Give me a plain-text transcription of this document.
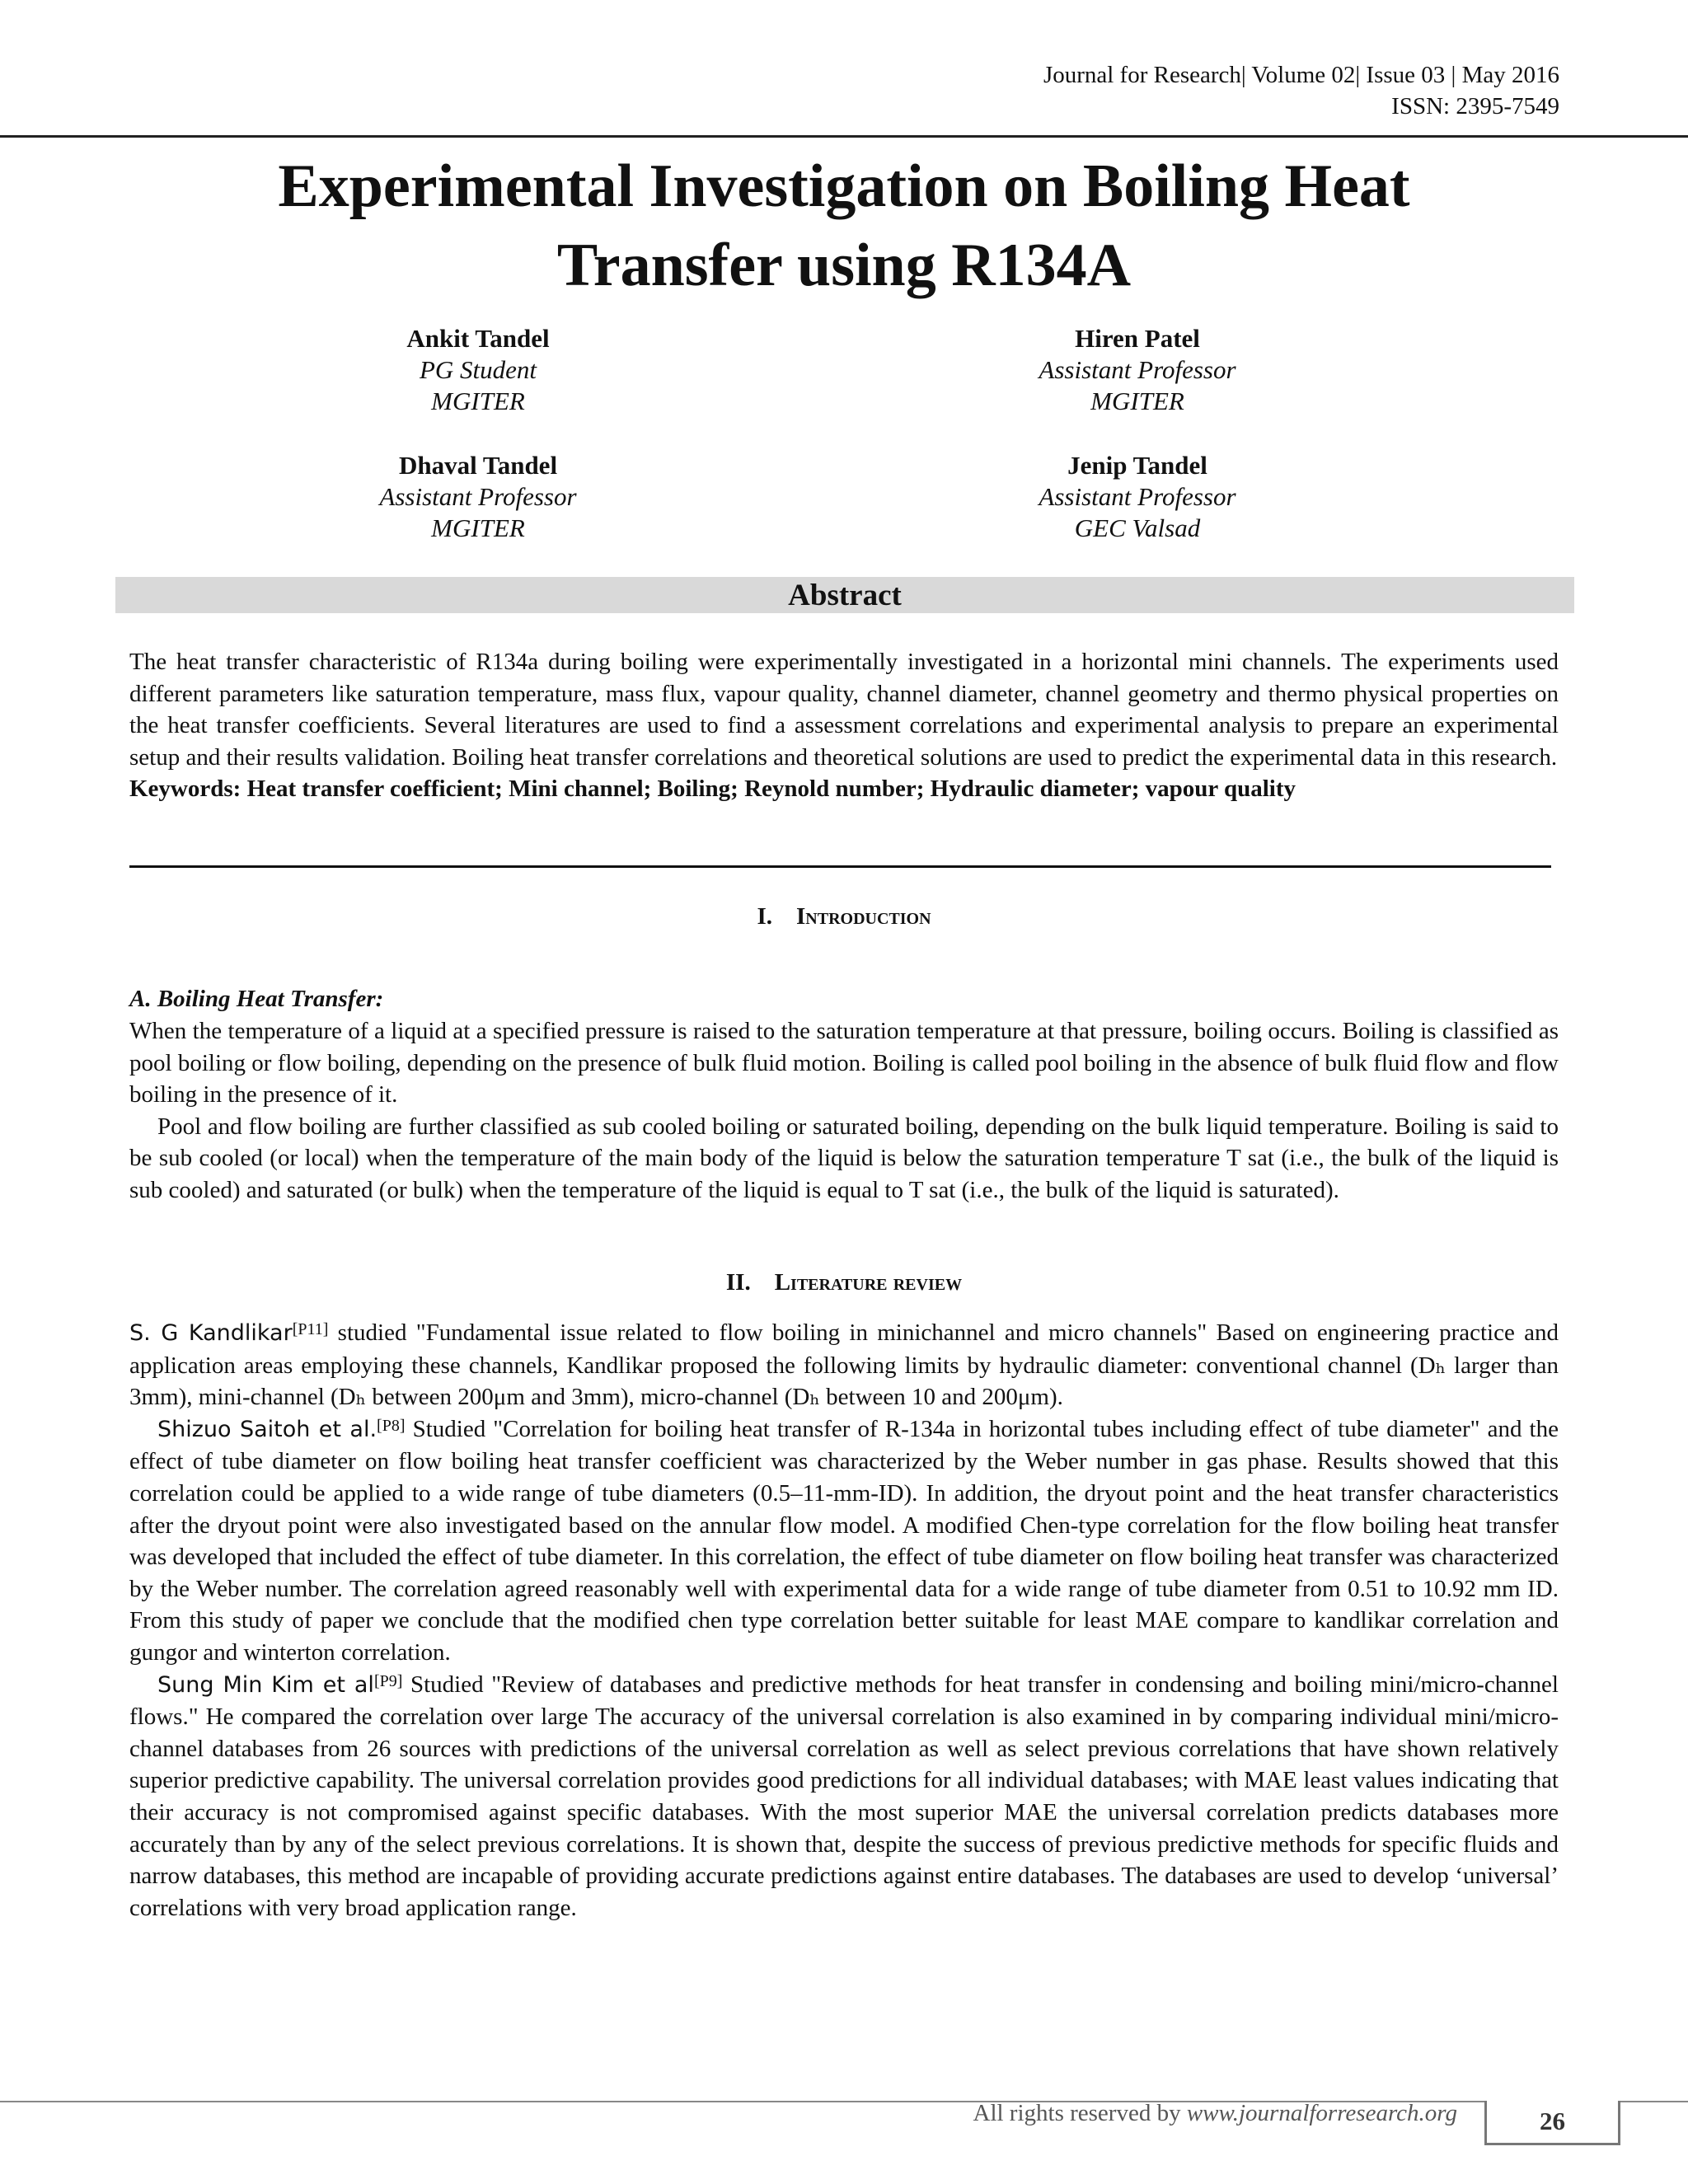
Journal for Research| Volume 02| Issue 03 | May 2016
ISSN: 2395-7549
Experimental Investigation on Boiling Heat
Transfer using R134A
Ankit Tandel
PG Student
MGITER
Hiren Patel
Assistant Professor
MGITER
Dhaval Tandel
Assistant Professor
MGITER
Jenip Tandel
Assistant Professor
GEC Valsad
Abstract

The heat transfer characteristic of R134a during boiling were experimentally investigated in a horizontal mini channels. The experiments used different parameters like saturation temperature, mass flux, vapour quality, channel diameter, channel geometry and thermo physical properties on the heat transfer coefficients. Several literatures are used to find a assessment correlations and experimental analysis to prepare an experimental setup and their results validation. Boiling heat transfer correlations and theoretical solutions are used to predict the experimental data in this research.

Keywords: Heat transfer coefficient; Mini channel; Boiling; Reynold number; Hydraulic diameter; vapour quality

I. Introduction
A. Boiling Heat Transfer:

When the temperature of a liquid at a specified pressure is raised to the saturation temperature at that pressure, boiling occurs. Boiling is classified as pool boiling or flow boiling, depending on the presence of bulk fluid motion. Boiling is called pool boiling in the absence of bulk fluid flow and flow boiling in the presence of it.

Pool and flow boiling are further classified as sub cooled boiling or saturated boiling, depending on the bulk liquid temperature. Boiling is said to be sub cooled (or local) when the temperature of the main body of the liquid is below the saturation temperature T sat (i.e., the bulk of the liquid is sub cooled) and saturated (or bulk) when the temperature of the liquid is equal to T sat (i.e., the bulk of the liquid is saturated).

II. Literature review

S. G Kandlikar[P11] studied "Fundamental issue related to flow boiling in minichannel and micro channels" Based on engineering practice and application areas employing these channels, Kandlikar proposed the following limits by hydraulic diameter: conventional channel (Dₕ larger than 3mm), mini-channel (Dₕ between 200μm and 3mm), micro-channel (Dₕ between 10 and 200μm).

Shizuo Saitoh et al.[P8] Studied "Correlation for boiling heat transfer of R-134a in horizontal tubes including effect of tube diameter" and the effect of tube diameter on flow boiling heat transfer coefficient was characterized by the Weber number in gas phase. Results showed that this correlation could be applied to a wide range of tube diameters (0.5–11-mm-ID). In addition, the dryout point and the heat transfer characteristics after the dryout point were also investigated based on the annular flow model. A modified Chen-type correlation for the flow boiling heat transfer was developed that included the effect of tube diameter. In this correlation, the effect of tube diameter on flow boiling heat transfer was characterized by the Weber number. The correlation agreed reasonably well with experimental data for a wide range of tube diameter from 0.51 to 10.92 mm ID. From this study of paper we conclude that the modified chen type correlation better suitable for least MAE compare to kandlikar correlation and gungor and winterton correlation.

Sung Min Kim et al[P9] Studied "Review of databases and predictive methods for heat transfer in condensing and boiling mini/micro-channel flows." He compared the correlation over large The accuracy of the universal correlation is also examined in by comparing individual mini/micro-channel databases from 26 sources with predictions of the universal correlation as well as select previous correlations that have shown relatively superior predictive capability. The universal correlation provides good predictions for all individual databases; with MAE least values indicating that their accuracy is not compromised against specific databases. With the most superior MAE the universal correlation predicts databases more accurately than by any of the select previous correlations. It is shown that, despite the success of previous predictive methods for specific fluids and narrow databases, this method are incapable of providing accurate predictions against entire databases. The databases are used to develop ‘universal’ correlations with very broad application range.

All rights reserved by www.journalforresearch.org	26
